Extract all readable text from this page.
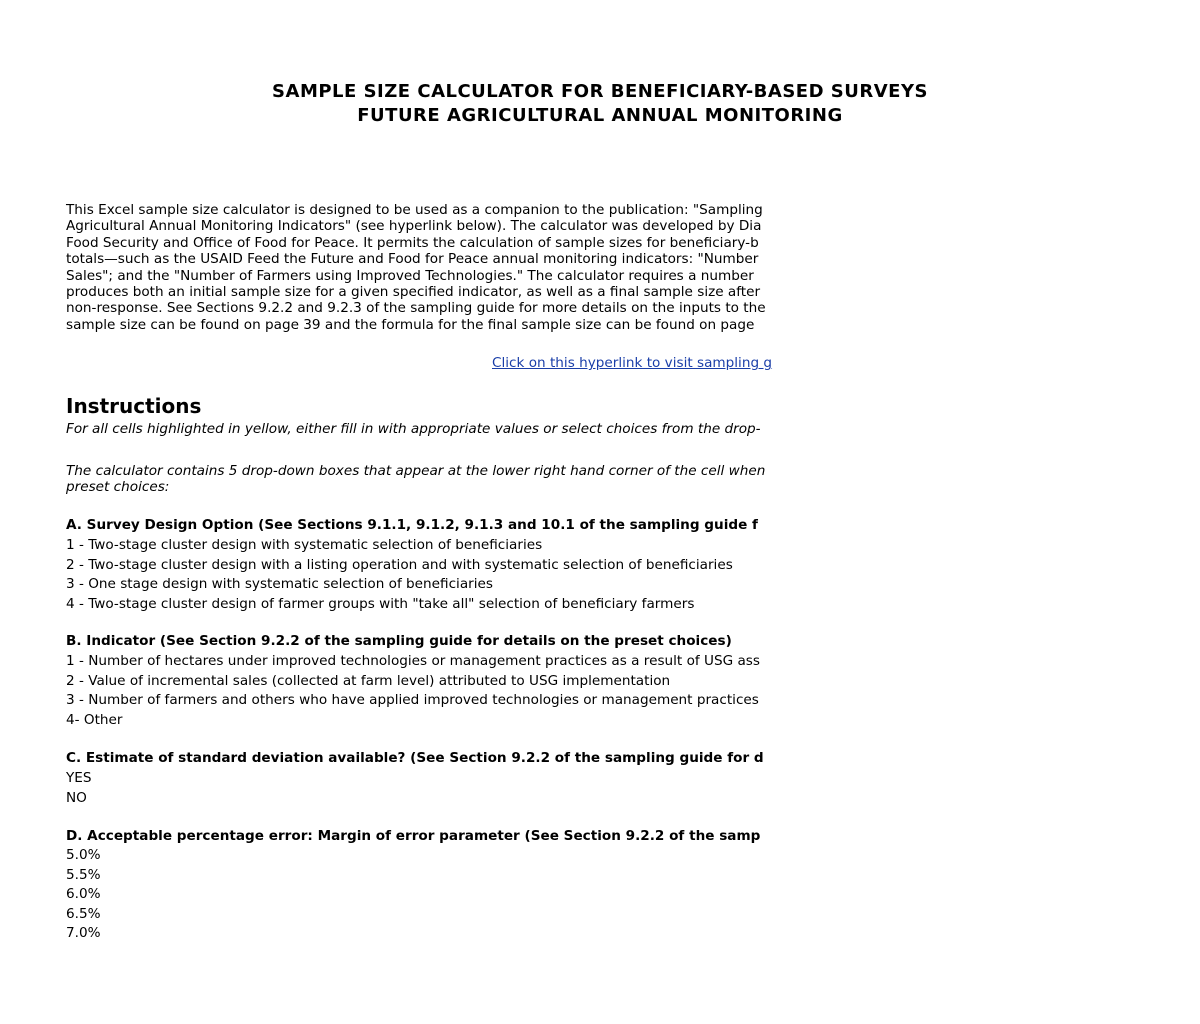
SAMPLE SIZE CALCULATOR FOR BENEFICIARY-BASED SURVEYS
FUTURE AGRICULTURAL ANNUAL MONITORING
This Excel sample size calculator is designed to be used as a companion to the publication: "Sampling
Agricultural Annual Monitoring Indicators" (see hyperlink below). The calculator was developed by Dia
Food Security and Office of Food for Peace. It permits the calculation of sample sizes for beneficiary-b
totals—such as the USAID Feed the Future and Food for Peace annual monitoring indicators: "Number
Sales"; and the "Number of Farmers using Improved Technologies." The calculator requires a number
produces both an initial sample size for a given specified indicator, as well as a final sample size after
non-response. See Sections 9.2.2 and 9.2.3 of the sampling guide for more details on the inputs to the
sample size can be found on page 39 and the formula for the final sample size can be found on page
Click on this hyperlink to visit sampling g
Instructions
For all cells highlighted in yellow, either fill in with appropriate values or select choices from the drop-
The calculator contains 5 drop-down boxes that appear at the lower right hand corner of the cell when
preset choices:
A. Survey Design Option (See Sections 9.1.1, 9.1.2, 9.1.3 and 10.1 of the sampling guide f
1 - Two-stage cluster design with systematic selection of beneficiaries
2 - Two-stage cluster design with a listing operation and with systematic selection of beneficiaries
3 - One stage design with systematic selection of beneficiaries
4 - Two-stage cluster design of farmer groups with "take all" selection of beneficiary farmers
B. Indicator (See Section 9.2.2 of the sampling guide for details on the preset choices)
1 - Number of hectares under improved technologies or management practices as a result of USG ass
2 - Value of incremental sales (collected at farm level) attributed to USG implementation
3 - Number of farmers and others who have applied improved technologies or management practices
4- Other
C. Estimate of standard deviation available? (See Section 9.2.2 of the sampling guide for d
YES
NO
D. Acceptable percentage error: Margin of error parameter (See Section 9.2.2 of the samp
5.0%
5.5%
6.0%
6.5%
7.0%
